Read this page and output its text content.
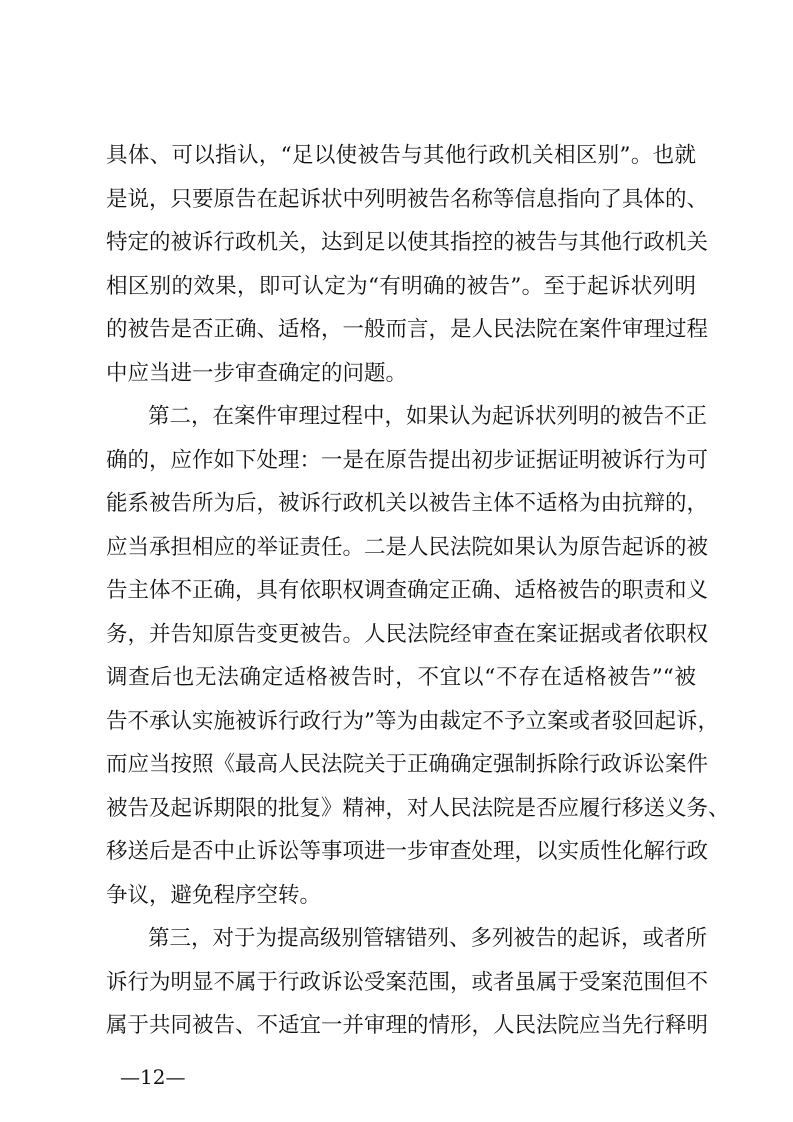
具体、可以指认，“足以使被告与其他行政机关相区别”。也就
是说，只要原告在起诉状中列明被告名称等信息指向了具体的、
特定的被诉行政机关，达到足以使其指控的被告与其他行政机关
相区别的效果，即可认定为“有明确的被告”。至于起诉状列明
的被告是否正确、适格，一般而言，是人民法院在案件审理过程
中应当进一步审查确定的问题。
第二，在案件审理过程中，如果认为起诉状列明的被告不正
确的，应作如下处理：一是在原告提出初步证据证明被诉行为可
能系被告所为后，被诉行政机关以被告主体不适格为由抗辩的，
应当承担相应的举证责任。二是人民法院如果认为原告起诉的被
告主体不正确，具有依职权调查确定正确、适格被告的职责和义
务，并告知原告变更被告。人民法院经审查在案证据或者依职权
调查后也无法确定适格被告时，不宜以“不存在适格被告”“被
告不承认实施被诉行政行为”等为由裁定不予立案或者驳回起诉，
而应当按照《最高人民法院关于正确确定强制拆除行政诉讼案件
被告及起诉期限的批复》精神，对人民法院是否应履行移送义务、
移送后是否中止诉讼等事项进一步审查处理，以实质性化解行政
争议，避免程序空转。
第三，对于为提高级别管辖错列、多列被告的起诉，或者所
诉行为明显不属于行政诉讼受案范围，或者虽属于受案范围但不
属于共同被告、不适宜一并审理的情形，人民法院应当先行释明
—12—
